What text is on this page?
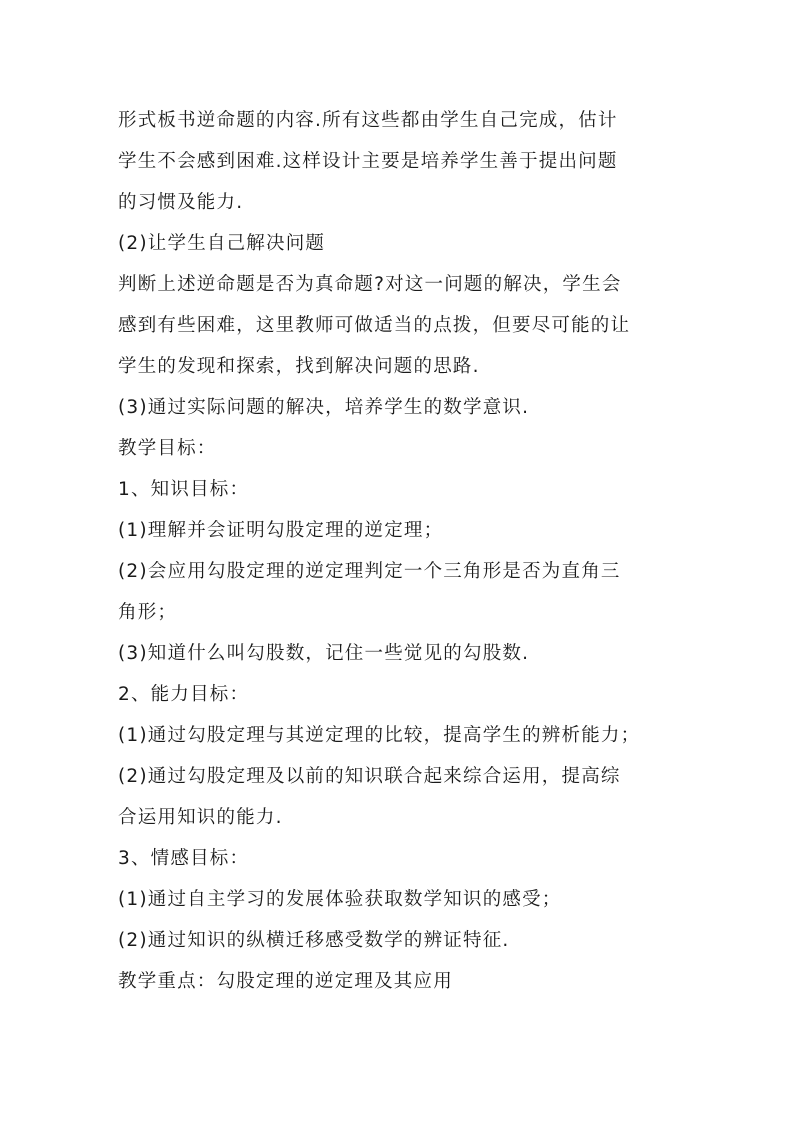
形式板书逆命题的内容.所有这些都由学生自己完成，估计
学生不会感到困难.这样设计主要是培养学生善于提出问题
的习惯及能力.
(2)让学生自己解决问题
判断上述逆命题是否为真命题?对这一问题的解决，学生会
感到有些困难，这里教师可做适当的点拨，但要尽可能的让
学生的发现和探索，找到解决问题的思路.
(3)通过实际问题的解决，培养学生的数学意识.
教学目标：
1、知识目标：
(1)理解并会证明勾股定理的逆定理；
(2)会应用勾股定理的逆定理判定一个三角形是否为直角三
角形；
(3)知道什么叫勾股数，记住一些觉见的勾股数.
2、能力目标：
(1)通过勾股定理与其逆定理的比较，提高学生的辨析能力；
(2)通过勾股定理及以前的知识联合起来综合运用，提高综
合运用知识的能力.
3、情感目标：
(1)通过自主学习的发展体验获取数学知识的感受；
(2)通过知识的纵横迁移感受数学的辨证特征.
教学重点：勾股定理的逆定理及其应用
